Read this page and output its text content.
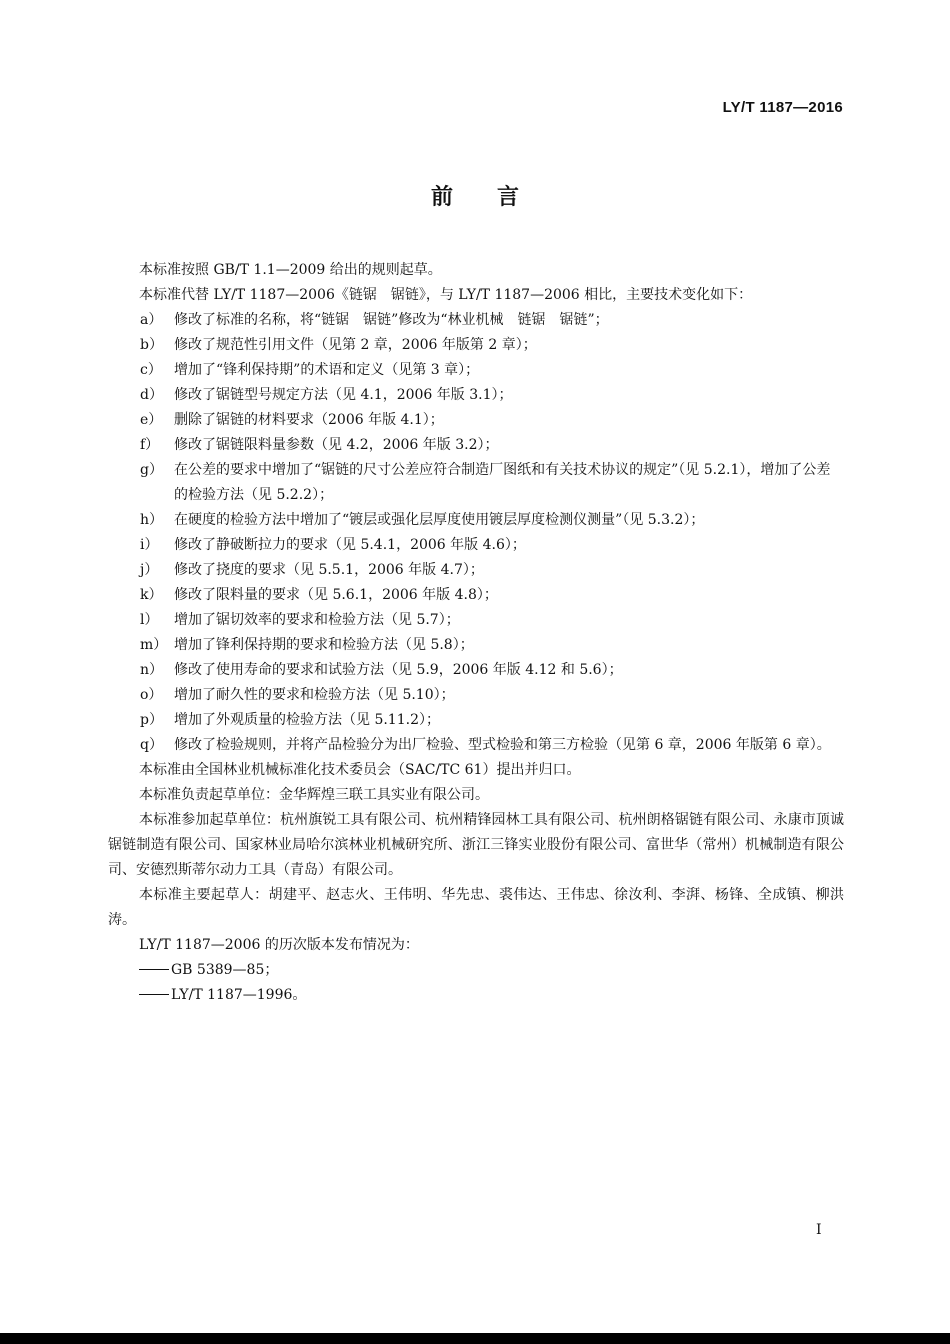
LY/T 1187—2016
前言

本标准按照 GB/T 1.1—2009 给出的规则起草。

本标准代替 LY/T 1187—2006《链锯　锯链》，与 LY/T 1187—2006 相比，主要技术变化如下：

a） 修改了标准的名称，将“链锯　锯链”修改为“林业机械　链锯　锯链”；
b） 修改了规范性引用文件（见第 2 章，2006 年版第 2 章）；
c） 增加了“锋利保持期”的术语和定义（见第 3 章）；
d） 修改了锯链型号规定方法（见 4.1，2006 年版 3.1）；
e） 删除了锯链的材料要求（2006 年版 4.1）；
f）	修改了锯链限料量参数（见 4.2，2006 年版 3.2）；
g） 在公差的要求中增加了“锯链的尺寸公差应符合制造厂图纸和有关技术协议的规定”（见 5.2.1），增加了公差的检验方法（见 5.2.2）；
h） 在硬度的检验方法中增加了“镀层或强化层厚度使用镀层厚度检测仪测量”（见 5.3.2）；
i）	修改了静破断拉力的要求（见 5.4.1，2006 年版 4.6）；
j）	修改了挠度的要求（见 5.5.1，2006 年版 4.7）；
k） 修改了限料量的要求（见 5.6.1，2006 年版 4.8）；
l）	增加了锯切效率的要求和检验方法（见 5.7）；
m） 增加了锋利保持期的要求和检验方法（见 5.8）；
n） 修改了使用寿命的要求和试验方法（见 5.9，2006 年版 4.12 和 5.6）；
o） 增加了耐久性的要求和检验方法（见 5.10）；
p） 增加了外观质量的检验方法（见 5.11.2）；
q） 修改了检验规则，并将产品检验分为出厂检验、型式检验和第三方检验（见第 6 章，2006 年版第 6 章）。

本标准由全国林业机械标准化技术委员会（SAC/TC 61）提出并归口。

本标准负责起草单位：金华辉煌三联工具实业有限公司。

本标准参加起草单位：杭州旗锐工具有限公司、杭州精锋园林工具有限公司、杭州朗格锯链有限公司、永康市顶诚锯链制造有限公司、国家林业局哈尔滨林业机械研究所、浙江三锋实业股份有限公司、富世华（常州）机械制造有限公司、安德烈斯蒂尔动力工具（青岛）有限公司。

本标准主要起草人：胡建平、赵志火、王伟明、华先忠、裘伟达、王伟忠、徐汝利、李湃、杨锋、全成镇、柳洪涛。

LY/T 1187—2006 的历次版本发布情况为：

GB 5389—85；
LY/T 1187—1996。
I
